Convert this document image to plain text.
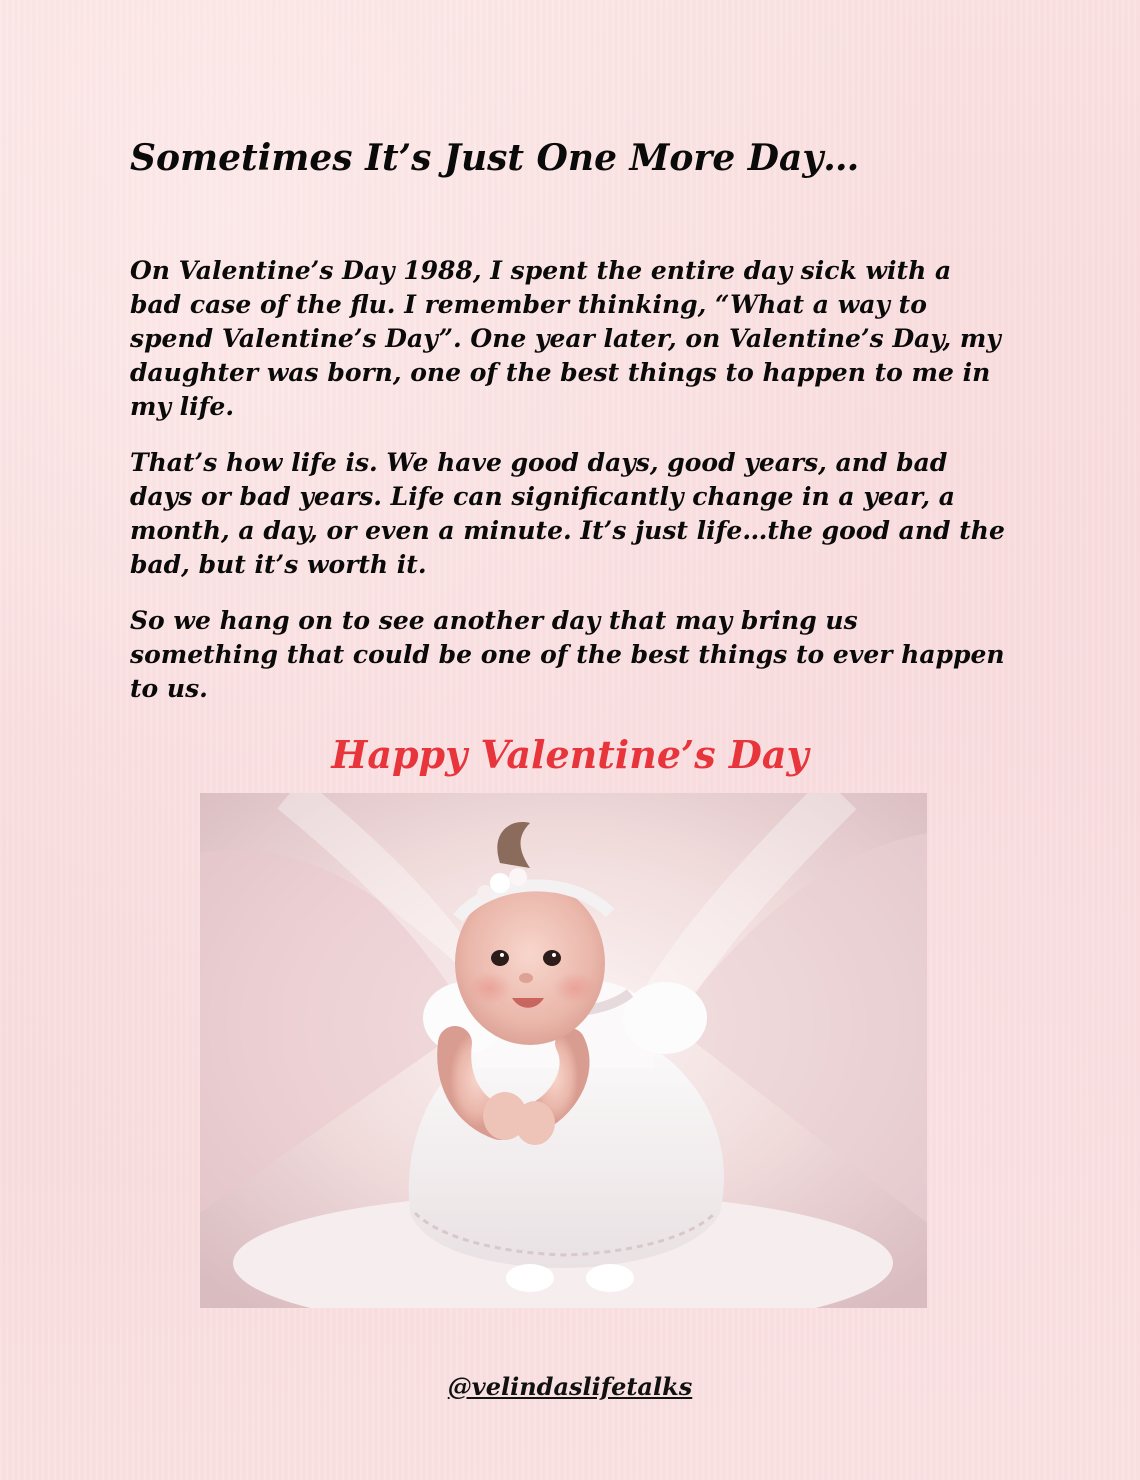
Sometimes It’s Just One More Day…

On Valentine’s Day 1988, I spent the entire day sick with a bad case of the flu. I remember thinking, “What a way to spend Valentine’s Day”. One year later, on Valentine’s Day, my daughter was born, one of the best things to happen to me in my life.

That’s how life is. We have good days, good years, and bad days or bad years. Life can significantly change in a year, a month, a day, or even a minute. It’s just life…the good and the bad, but it’s worth it.

So we hang on to see another day that may bring us something that could be one of the best things to ever happen to us.

Happy Valentine’s Day

@velindaslifetalks
